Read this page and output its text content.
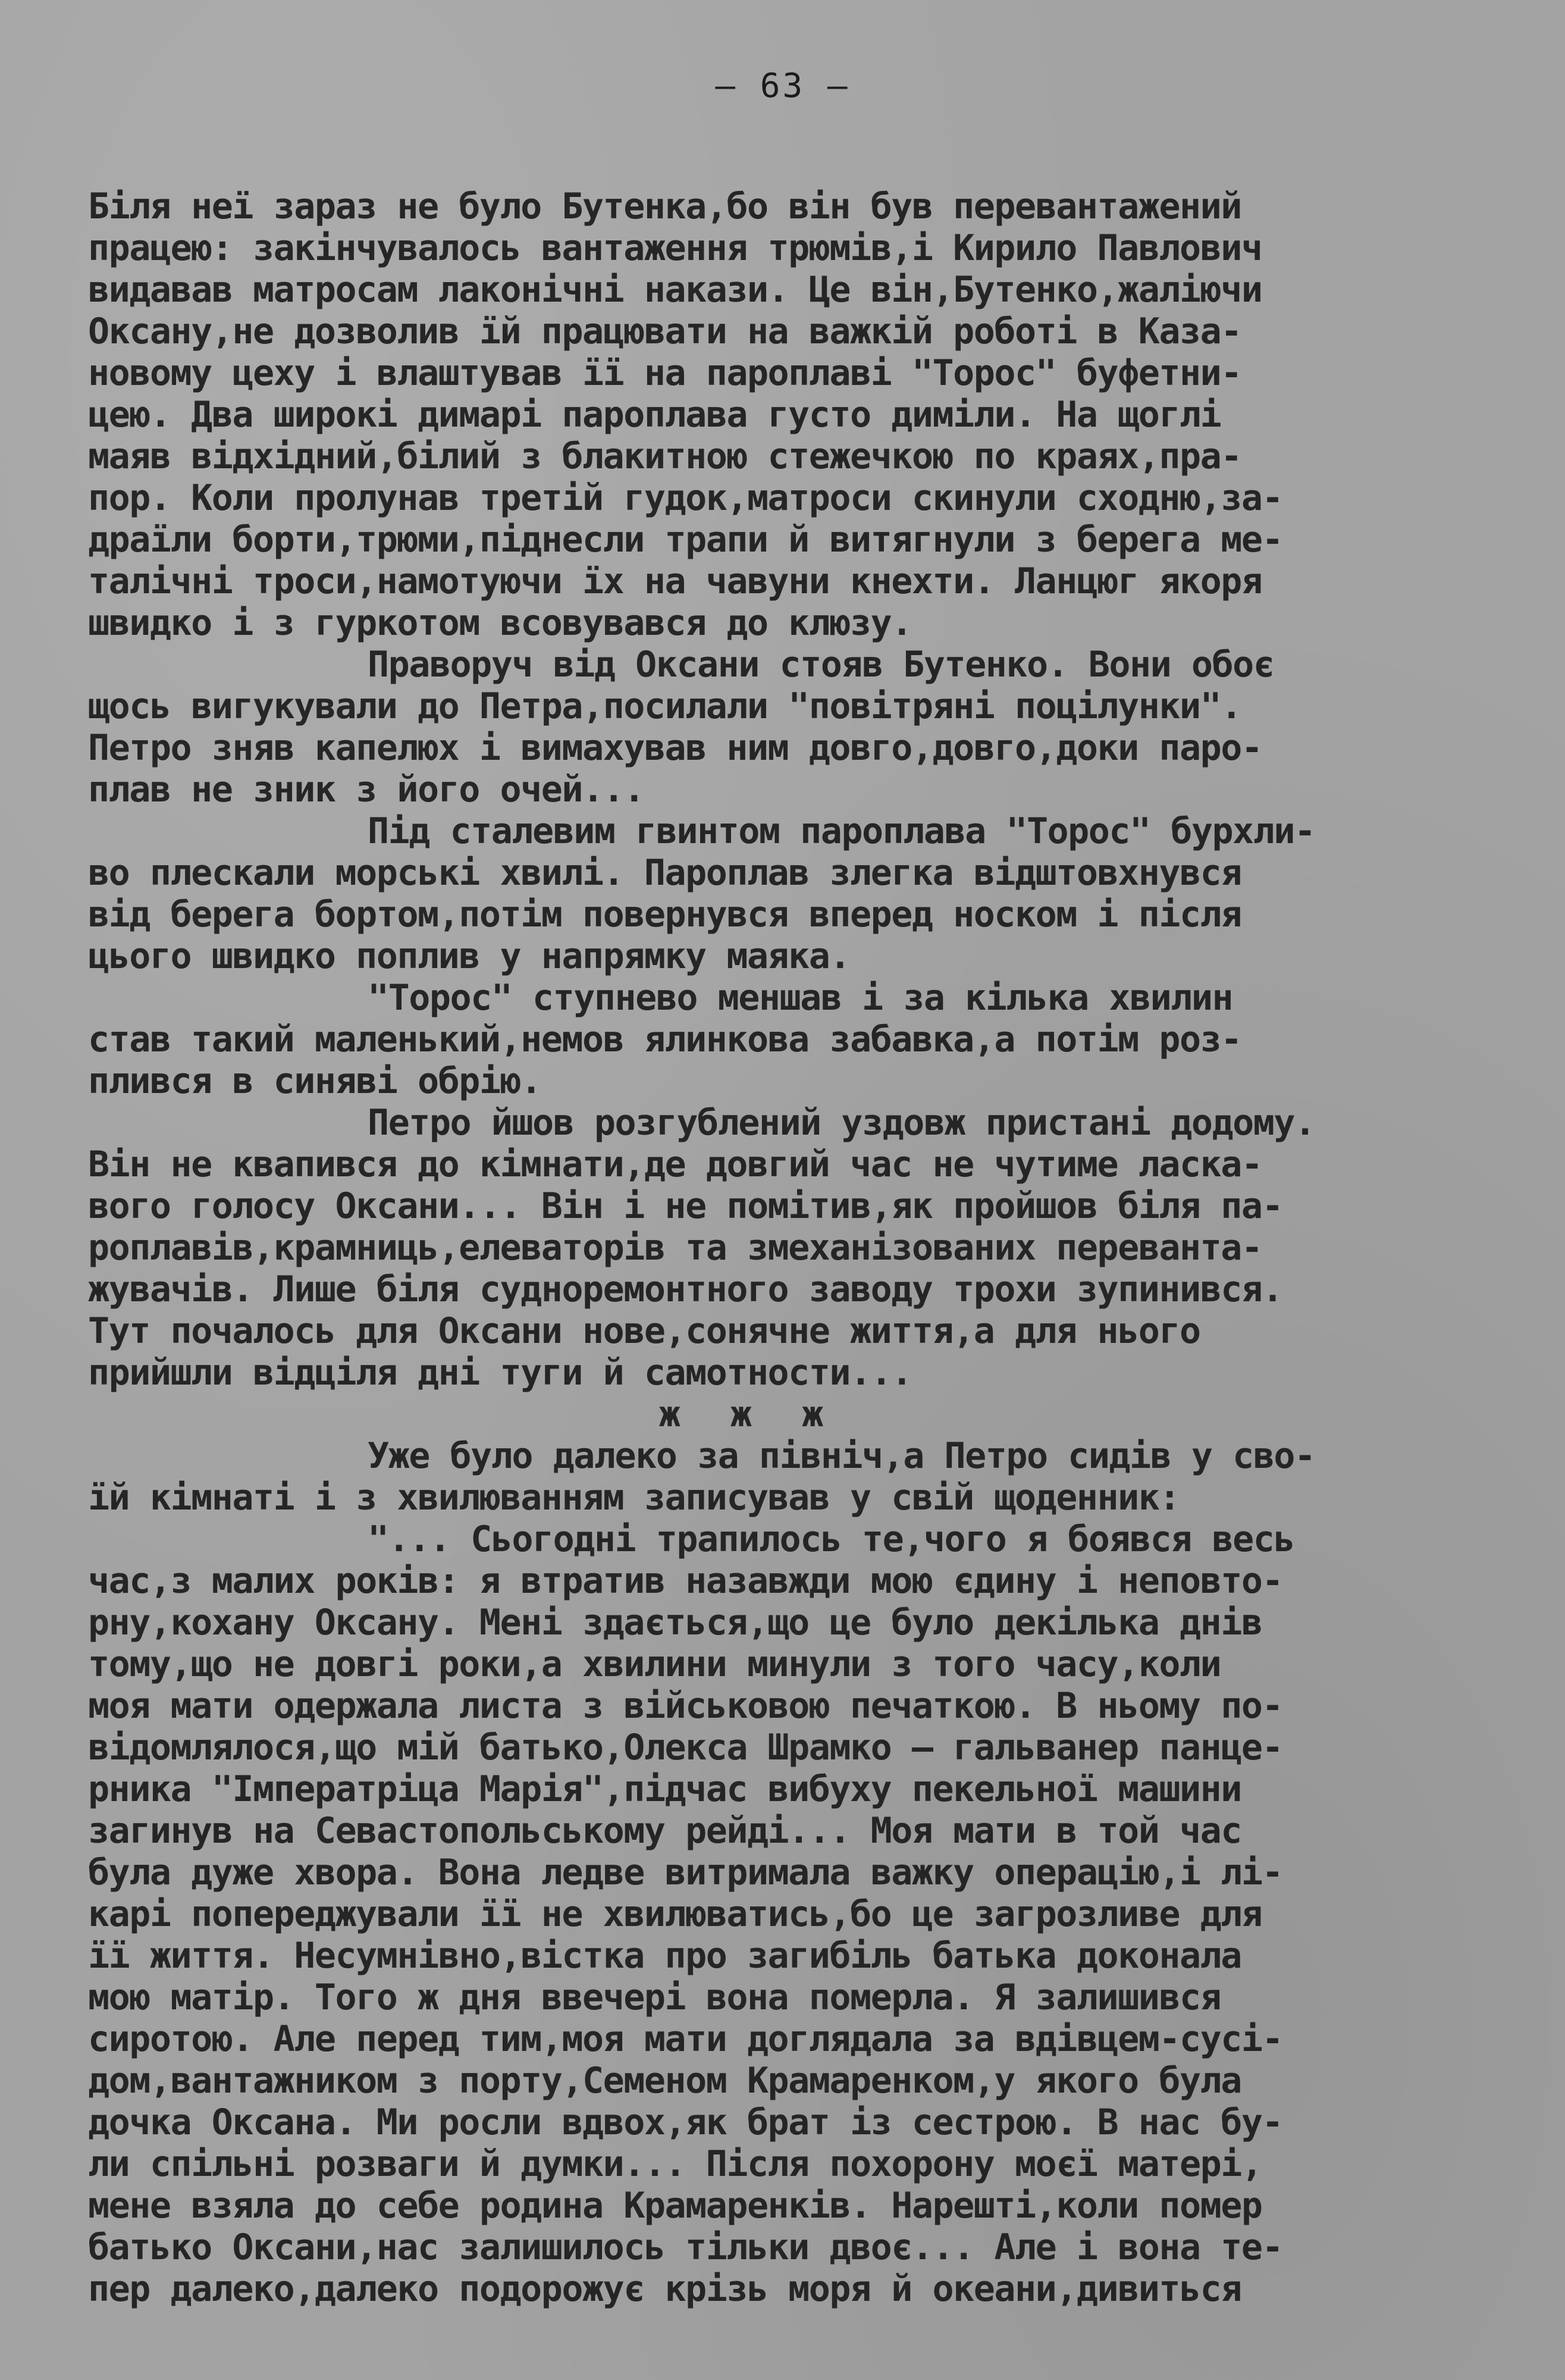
– 63 –
Біля неї зараз не було Бутенка,бо він був перевантажений
працею: закінчувалось вантаження трюмів,і Кирило Павлович
видавав матросам лаконічні накази. Це він,Бутенко,жаліючи
Оксану,не дозволив їй працювати на важкій роботі в Каза-
новому цеху і влаштував її на пароплаві "Торос" буфетни-
цею. Два широкі димарі пароплава густо диміли. На щоглі
маяв відхідний,білий з блакитною стежечкою по краях,пра-
пор. Коли пролунав третій гудок,матроси скинули сходню,за-
драїли борти,трюми,піднесли трапи й витягнули з берега ме-
талічні троси,намотуючи їх на чавуни кнехти. Ланцюг якоря
швидко і з гуркотом всовувався до клюзу.
Праворуч від Оксани стояв Бутенко. Вони обоє
щось вигукували до Петра,посилали "повітряні поцілунки".
Петро зняв капелюх і вимахував ним довго,довго,доки паро-
плав не зник з його очей...
Під сталевим гвинтом пароплава "Торос" бурхли-
во плескали морські хвилі. Пароплав злегка відштовхнувся
від берега бортом,потім повернувся вперед носком і після
цього швидко поплив у напрямку маяка.
"Торос" ступнево меншав і за кілька хвилин
став такий маленький,немов ялинкова забавка,а потім роз-
плився в синяві обрію.
Петро йшов розгублений уздовж пристані додому.
Він не квапився до кімнати,де довгий час не чутиме ласка-
вого голосу Оксани... Він і не помітив,як пройшов біля па-
роплавів,крамниць,елеваторів та змеханізованих переванта-
жувачів. Лише біля судноремонтного заводу трохи зупинився.
Тут почалось для Оксани нове,сонячне життя,а для нього
прийшли відціля дні туги й самотности...
ж ж ж
Уже було далеко за північ,а Петро сидів у сво-
їй кімнаті і з хвилюванням записував у свій щоденник:
"... Сьогодні трапилось те,чого я боявся весь
час,з малих років: я втратив назавжди мою єдину і неповто-
рну,кохану Оксану. Мені здається,що це було декілька днів
тому,що не довгі роки,а хвилини минули з того часу,коли
моя мати одержала листа з військовою печаткою. В ньому по-
відомлялося,що мій батько,Олекса Шрамко – гальванер панце-
рника "Імператріца Марія",підчас вибуху пекельної машини
загинув на Севастопольському рейді... Моя мати в той час
була дуже хвора. Вона ледве витримала важку операцію,і лі-
карі попереджували її не хвилюватись,бо це загрозливе для
її життя. Несумнівно,вістка про загибіль батька доконала
мою матір. Того ж дня ввечері вона померла. Я залишився
сиротою. Але перед тим,моя мати доглядала за вдівцем-сусі-
дом,вантажником з порту,Семеном Крамаренком,у якого була
дочка Оксана. Ми росли вдвох,як брат із сестрою. В нас бу-
ли спільні розваги й думки... Після похорону моєї матері,
мене взяла до себе родина Крамаренків. Нарешті,коли помер
батько Оксани,нас залишилось тільки двоє... Але і вона те-
пер далеко,далеко подорожує крізь моря й океани,дивиться
